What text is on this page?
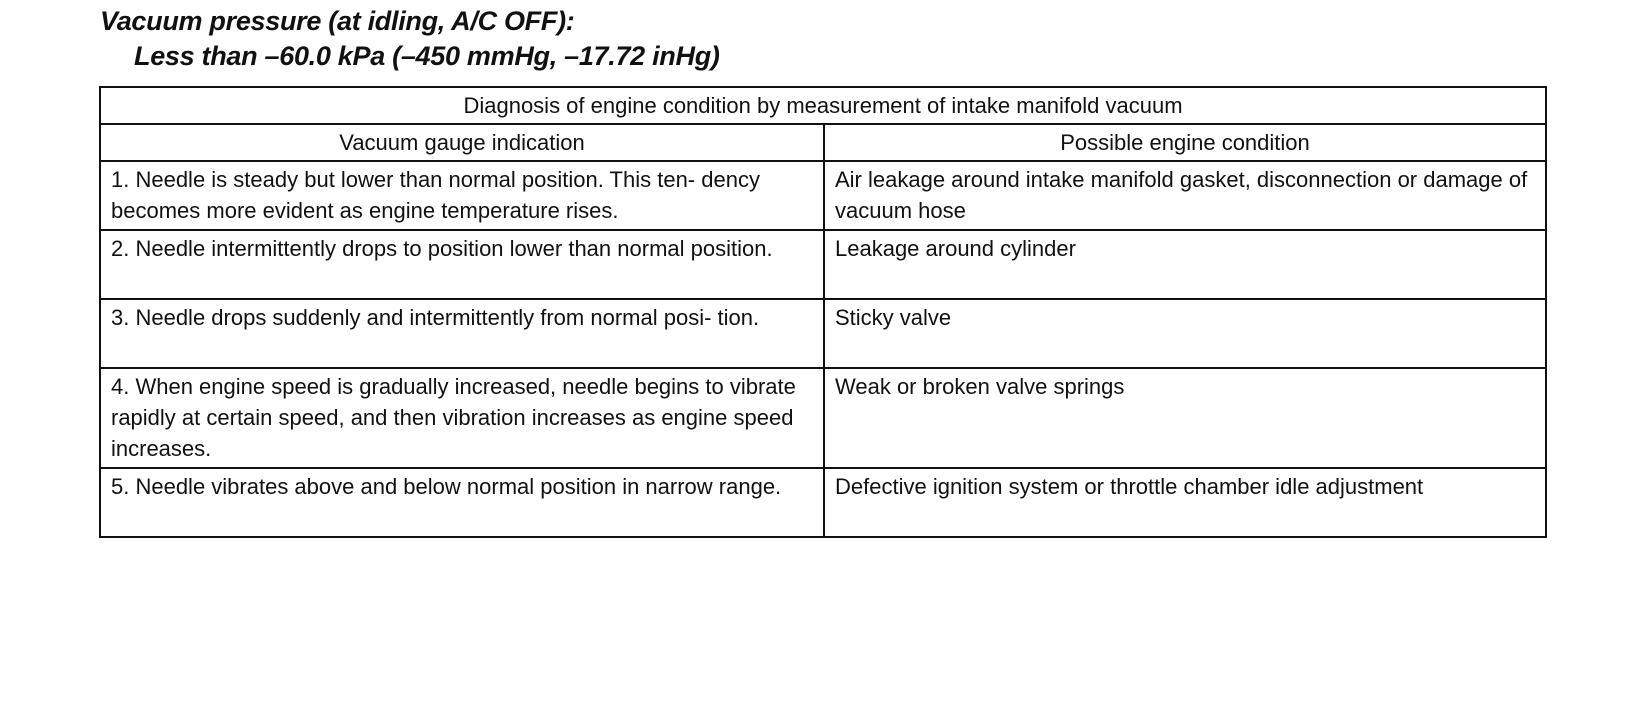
Vacuum pressure (at idling, A/C OFF):
Less than –60.0 kPa (–450 mmHg, –17.72 inHg)
Diagnosis of engine condition by measurement of intake manifold vacuum	
Vacuum gauge indication	Possible engine condition
1. Needle is steady but lower than normal position. This ten- dency becomes more evident as engine temperature rises.	Air leakage around intake manifold gasket, disconnection or damage of vacuum hose
2. Needle intermittently drops to position lower than normal position.	Leakage around cylinder
3. Needle drops suddenly and intermittently from normal posi- tion.	Sticky valve
4. When engine speed is gradually increased, needle begins to vibrate rapidly at certain speed, and then vibration increases as engine speed increases.	Weak or broken valve springs
5. Needle vibrates above and below normal position in narrow range.	Defective ignition system or throttle chamber idle adjustment
